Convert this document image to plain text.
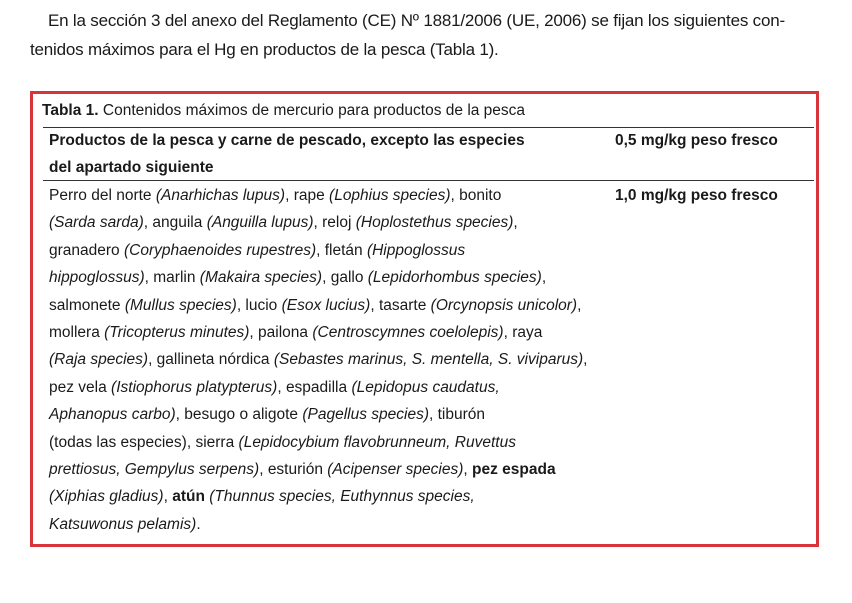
En la sección 3 del anexo del Reglamento (CE) Nº 1881/2006 (UE, 2006) se fijan los siguientes con-
tenidos máximos para el Hg en productos de la pesca (Tabla 1).
Tabla 1. Contenidos máximos de mercurio para productos de la pesca
Productos de la pesca y carne de pescado, excepto las especies
del apartado siguiente
0,5 mg/kg peso fresco
Perro del norte (Anarhichas lupus), rape (Lophius species), bonito
(Sarda sarda), anguila (Anguilla lupus), reloj (Hoplostethus species),
granadero (Coryphaenoides rupestres), fletán (Hippoglossus
hippoglossus), marlin (Makaira species), gallo (Lepidorhombus species),
salmonete (Mullus species), lucio (Esox lucius), tasarte (Orcynopsis unicolor),
mollera (Tricopterus minutes), pailona (Centroscymnes coelolepis), raya
(Raja species), gallineta nórdica (Sebastes marinus, S. mentella, S. viviparus),
pez vela (Istiophorus platypterus), espadilla (Lepidopus caudatus,
Aphanopus carbo), besugo o aligote (Pagellus species), tiburón
(todas las especies), sierra (Lepidocybium flavobrunneum, Ruvettus
prettiosus, Gempylus serpens), esturión (Acipenser species), pez espada
(Xiphias gladius), atún (Thunnus species, Euthynnus species,
Katsuwonus pelamis).
1,0 mg/kg peso fresco
